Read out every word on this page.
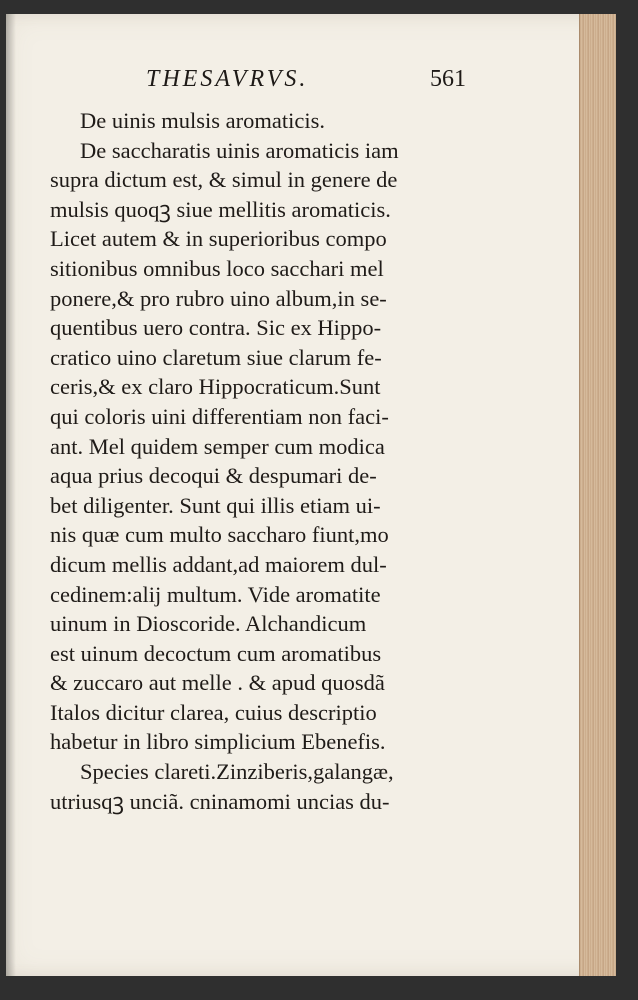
THESAVRVS.	561
De uinis mulsis aromaticis.
De saccharatis uinis aromaticis iam
supra dictum est, & simul in genere de
mulsis quoqꝫ siue mellitis aromaticis.
Licet autem & in superioribus compo
sitionibus omnibus loco sacchari mel
ponere,& pro rubro uino album,in se-
quentibus uero contra. Sic ex Hippo-
cratico uino claretum siue clarum fe-
ceris,& ex claro Hippocraticum.Sunt
qui coloris uini differentiam non faci-
ant. Mel quidem semper cum modica
aqua prius decoqui & despumari de-
bet diligenter. Sunt qui illis etiam ui-
nis quæ cum multo saccharo fiunt,mo
dicum mellis addant,ad maiorem dul-
cedinem:alij multum. Vide aromatite
uinum in Dioscoride. Alchandicum
est uinum decoctum cum aromatibus
& zuccaro aut melle . & apud quosdã
Italos dicitur clarea, cuius descriptio
habetur in libro simplicium Ebenefis.
Species clareti.Zinziberis,galangæ,
utriusqꝫ unciã. cninamomi uncias du-
